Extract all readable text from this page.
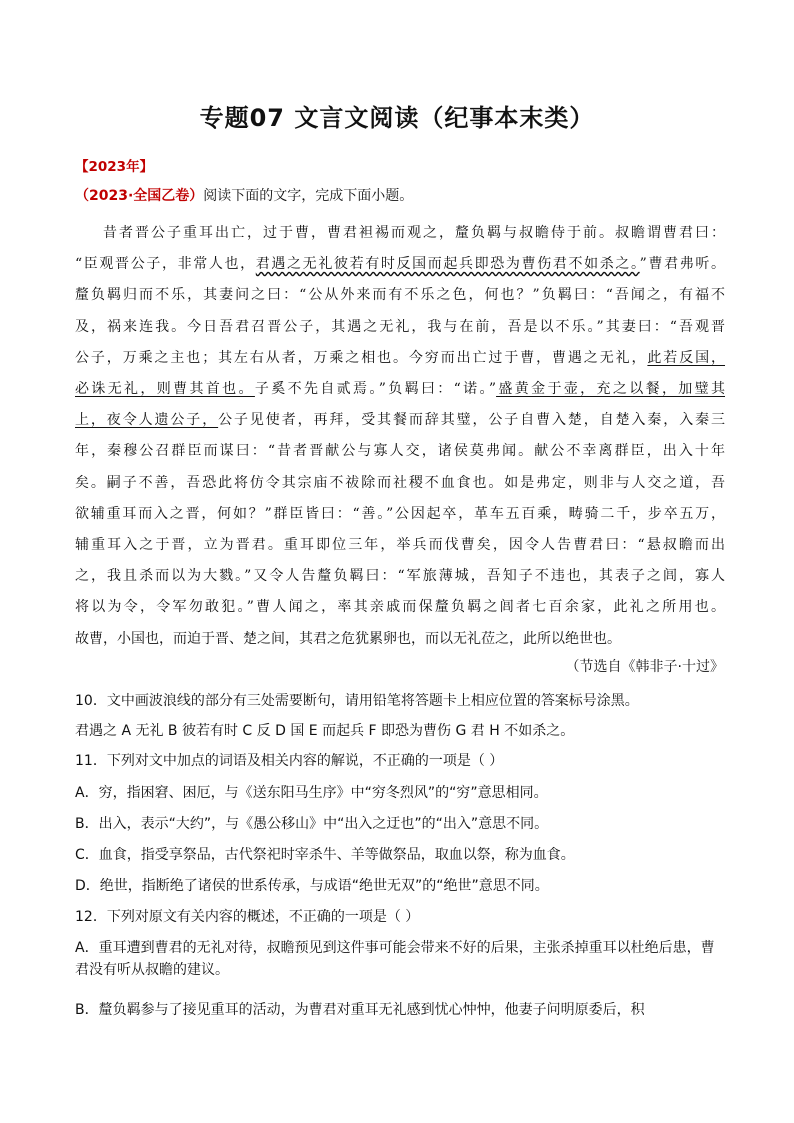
专题07 文言文阅读（纪事本末类）
【2023年】
（2023·全国乙卷）阅读下面的文字，完成下面小题。
昔者晋公子重耳出亡，过于曹，曹君袒裼而观之，釐负羁与叔瞻侍于前。叔瞻谓曹君曰：
“臣观晋公子，非常人也，君遇之无礼彼若有时反国而起兵即恐为曹伤君不如杀之。”曹君弗听。
釐负羁归而不乐，其妻问之曰：“公从外来而有不乐之色，何也？”负羁曰：“吾闻之，有福不
及，祸来连我。今日吾君召晋公子，其遇之无礼，我与在前，吾是以不乐。”其妻曰：“吾观晋
公子，万乘之主也；其左右从者，万乘之相也。今穷而出亡过于曹，曹遇之无礼，此若反国，
必诛无礼，则曹其首也。子奚不先自贰焉。”负羁曰：“诺。”盛黄金于壶，充之以餐，加璧其
上，夜令人遗公子，公子见使者，再拜，受其餐而辞其璧，公子自曹入楚，自楚入秦，入秦三
年，秦穆公召群臣而谋曰：“昔者晋献公与寡人交，诸侯莫弗闻。献公不幸离群臣，出入十年
矣。嗣子不善，吾恐此将仿令其宗庙不祓除而社稷不血食也。如是弗定，则非与人交之道，吾
欲辅重耳而入之晋，何如？”群臣皆曰：“善。”公因起卒，革车五百乘，畴骑二千，步卒五万，
辅重耳入之于晋，立为晋君。重耳即位三年，举兵而伐曹矣，因令人告曹君曰：“悬叔瞻而出
之，我且杀而以为大戮。”又令人告釐负羁曰：“军旅薄城，吾知子不违也，其表子之闾，寡人
将以为令，令军勿敢犯。”曹人闻之，率其亲戚而保釐负羁之闾者七百余家，此礼之所用也。
故曹，小国也，而迫于晋、楚之间，其君之危犹累卵也，而以无礼莅之，此所以绝世也。
（节选自《韩非子·十过》
10．文中画波浪线的部分有三处需要断句，请用铅笔将答题卡上相应位置的答案标号涂黑。
君遇之 A 无礼 B 彼若有时 C 反 D 国 E 而起兵 F 即恐为曹伤 G 君 H 不如杀之。
11．下列对文中加点的词语及相关内容的解说，不正确的一项是（ ）
A．穷，指困窘、困厄，与《送东阳马生序》中“穷冬烈风”的“穷”意思相同。
B．出入，表示“大约”，与《愚公移山》中“出入之迂也”的“出入”意思不同。
C．血食，指受享祭品，古代祭祀时宰杀牛、羊等做祭品，取血以祭，称为血食。
D．绝世，指断绝了诸侯的世系传承，与成语“绝世无双”的“绝世”意思不同。
12．下列对原文有关内容的概述，不正确的一项是（ ）
A．重耳遭到曹君的无礼对待，叔瞻预见到这件事可能会带来不好的后果，主张杀掉重耳以杜绝后患，曹君没有听从叔瞻的建议。
B．釐负羁参与了接见重耳的活动，为曹君对重耳无礼感到忧心忡忡，他妻子问明原委后，积
